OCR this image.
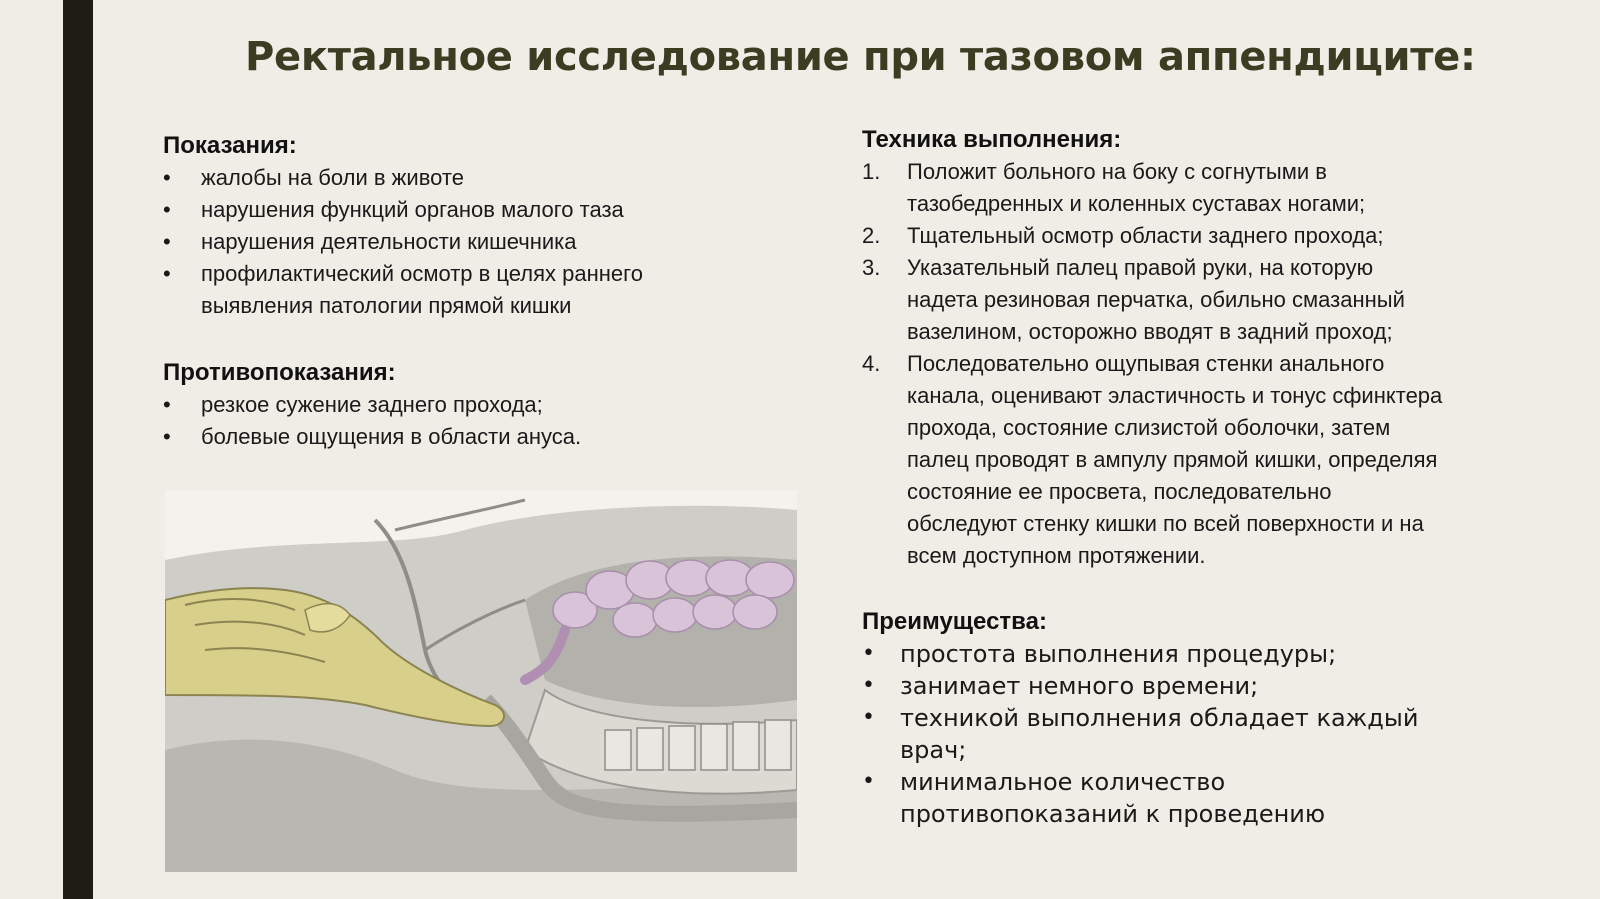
Ректальное исследование при тазовом аппендиците:
Показания:
• жалобы на боли в животе
• нарушения функций органов малого таза
• нарушения деятельности кишечника
• профилактический осмотр в целях раннего выявления патологии прямой кишки
Противопоказания:
• резкое сужение заднего прохода;
• болевые ощущения в области ануса.
Техника выполнения:
1. Положит больного на боку с согнутыми в тазобедренных и коленных суставах ногами;
2. Тщательный осмотр области заднего прохода;
3. Указательный палец правой руки, на которую надета резиновая перчатка, обильно смазанный вазелином, осторожно вводят в задний проход;
4. Последовательно ощупывая стенки анального канала, оценивают эластичность и тонус сфинктера прохода, состояние слизистой оболочки, затем палец проводят в ампулу прямой кишки, определяя состояние ее просвета, последовательно обследуют стенку кишки по всей поверхности и на всем доступном протяжении.
Преимущества:
• простота выполнения процедуры;
• занимает немного времени;
• техникой выполнения обладает каждый врач;
• минимальное количество противопоказаний к проведению
